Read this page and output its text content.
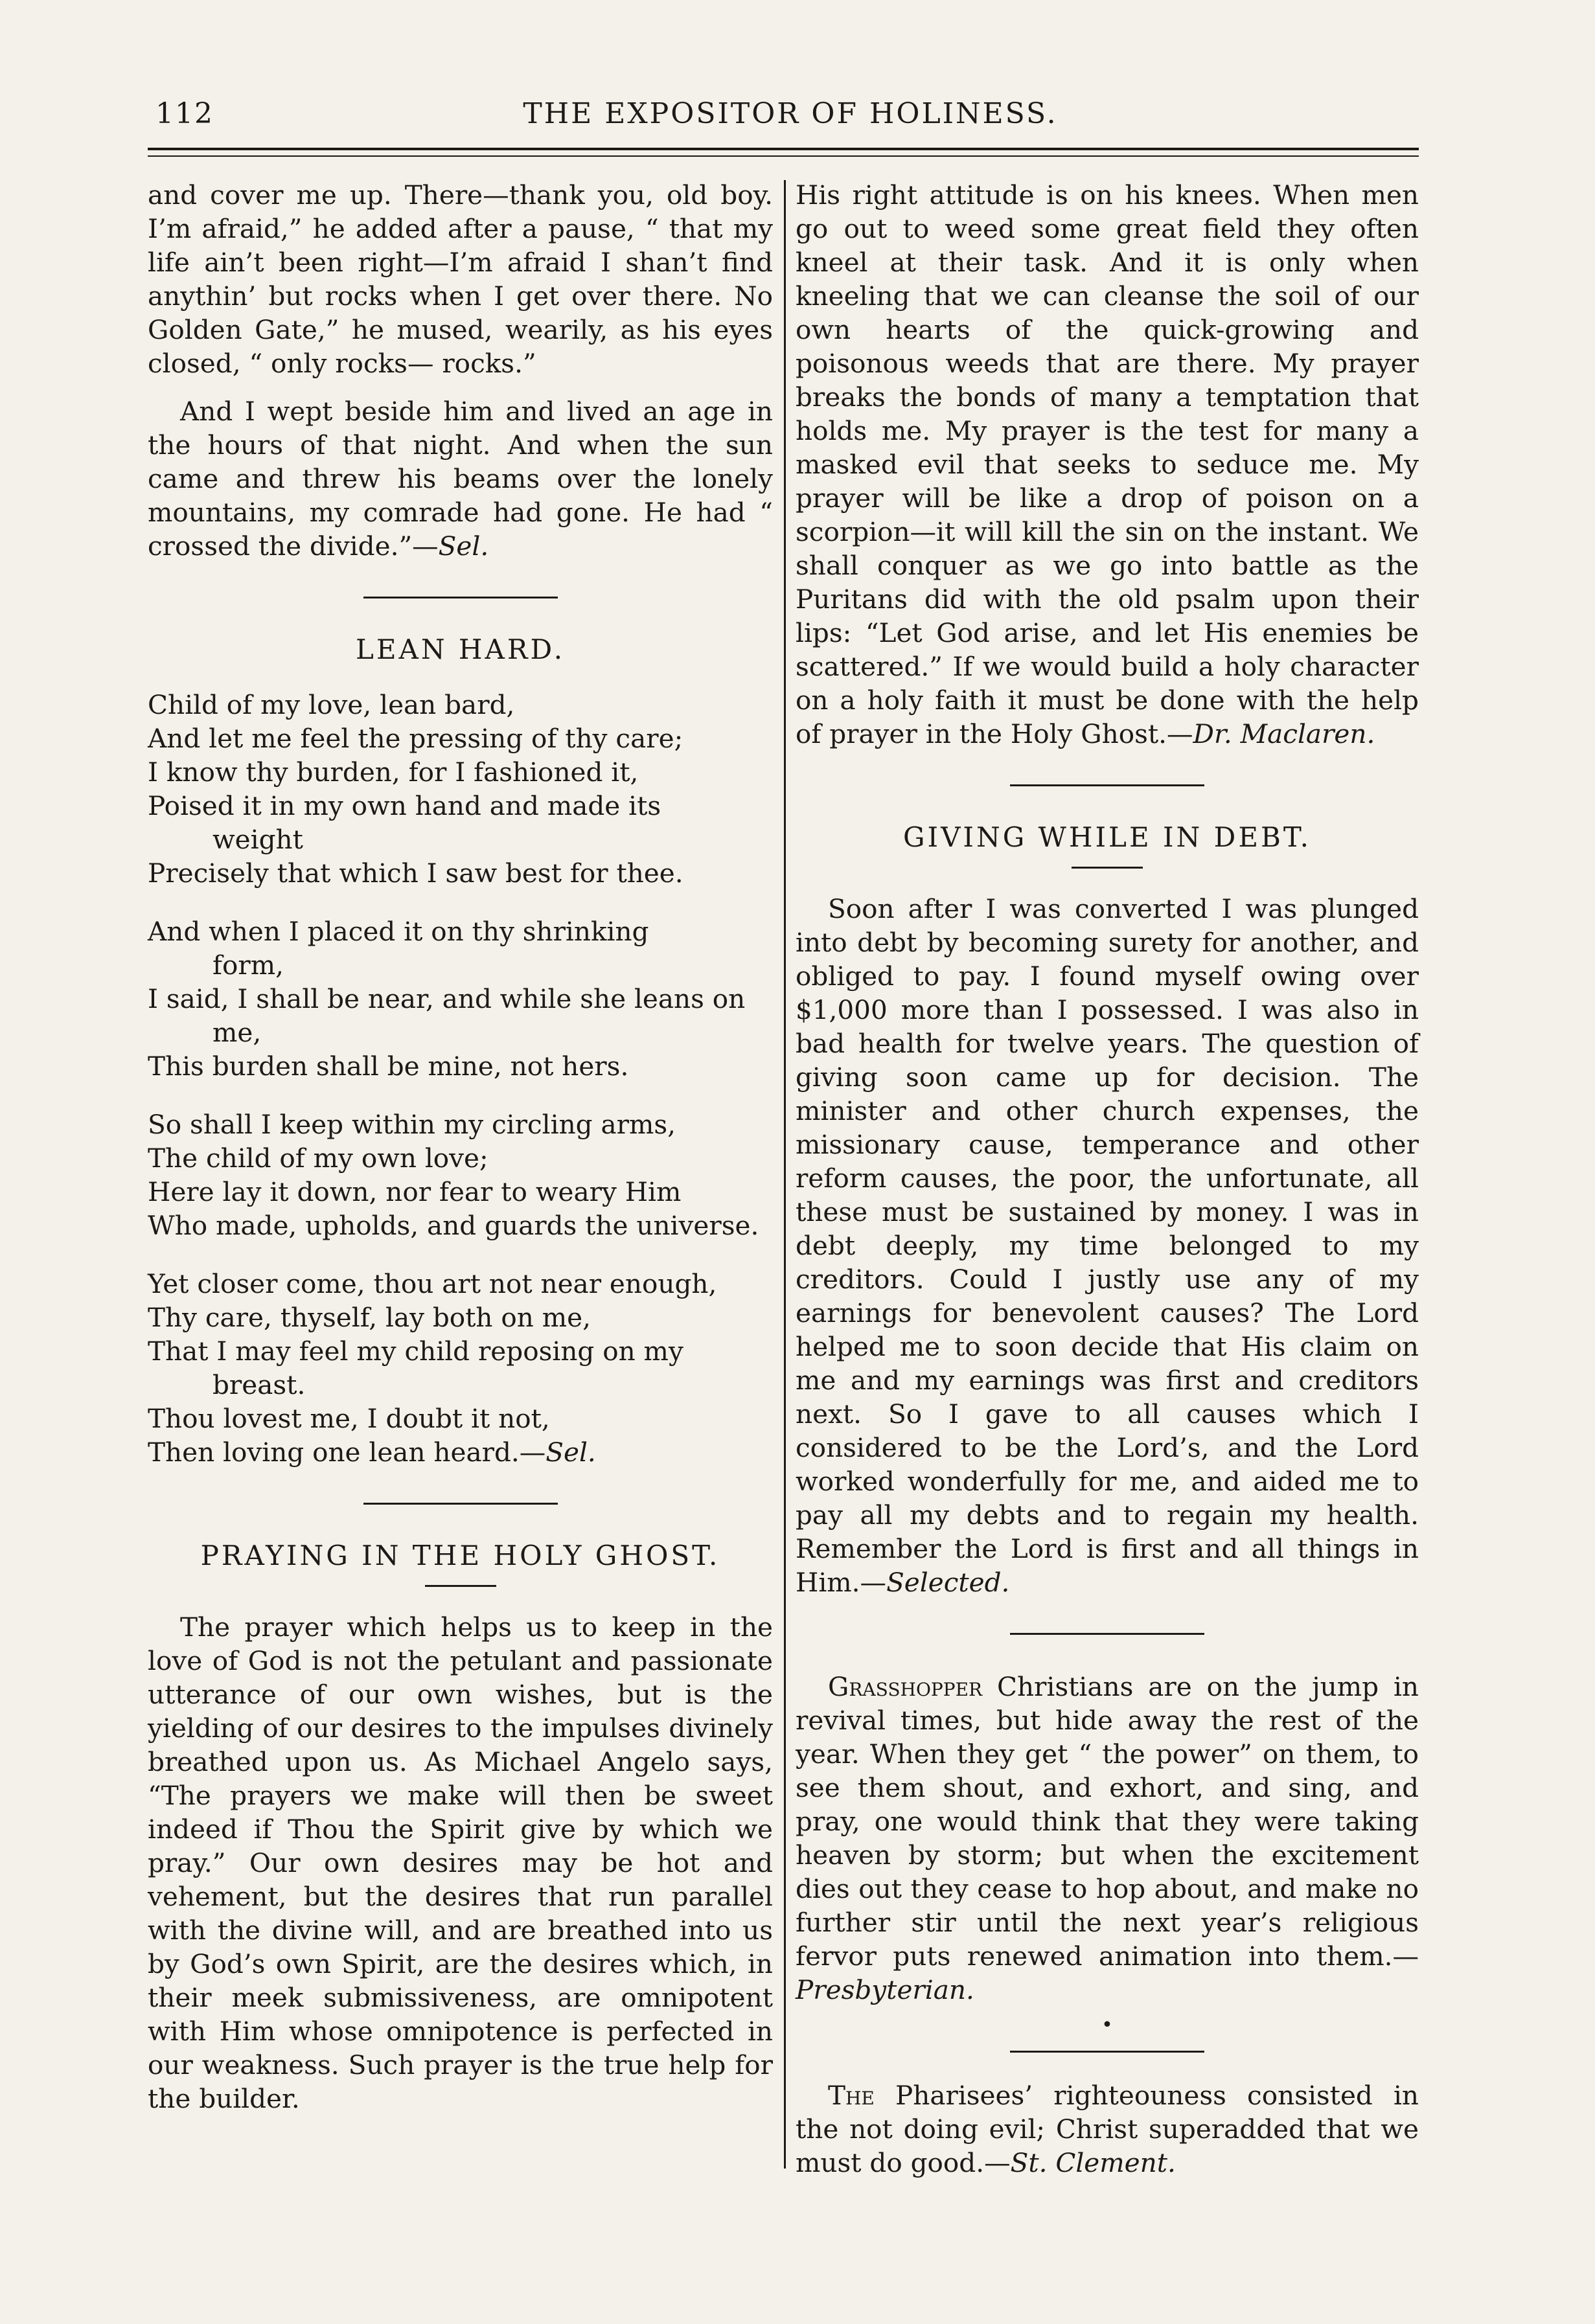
112	THE EXPOSITOR OF HOLINESS.

and cover me up. There—thank you, old boy. I’m afraid,” he added after a pause, “ that my life ain’t been right—I’m afraid I shan’t find anythin’ but rocks when I get over there. No Golden Gate,” he mused, wearily, as his eyes closed, “ only rocks— rocks.”

And I wept beside him and lived an age in the hours of that night. And when the sun came and threw his beams over the lonely mountains, my comrade had gone. He had “ crossed the divide.”—Sel.

LEAN HARD.
Child of my love, lean bard,
And let me feel the pressing of thy care;
I know thy burden, for I fashioned it,
Poised it in my own hand and made its
weight
Precisely that which I saw best for thee.
And when I placed it on thy shrinking
form,
I said, I shall be near, and while she leans on
me,
This burden shall be mine, not hers.
So shall I keep within my circling arms,
The child of my own love;
Here lay it down, nor fear to weary Him
Who made, upholds, and guards the universe.
Yet closer come, thou art not near enough,
Thy care, thyself, lay both on me,
That I may feel my child reposing on my
breast.
Thou lovest me, I doubt it not,
Then loving one lean heard.—Sel.
PRAYING IN THE HOLY GHOST.

The prayer which helps us to keep in the love of God is not the petulant and passionate utterance of our own wishes, but is the yielding of our desires to the impulses divinely breathed upon us. As Michael Angelo says, “The prayers we make will then be sweet indeed if Thou the Spirit give by which we pray.” Our own desires may be hot and vehement, but the desires that run parallel with the divine will, and are breathed into us by God’s own Spirit, are the desires which, in their meek submissiveness, are omnipotent with Him whose omnipotence is perfected in our weakness. Such prayer is the true help for the builder.

His right attitude is on his knees. When men go out to weed some great field they often kneel at their task. And it is only when kneeling that we can cleanse the soil of our own hearts of the quick-growing and poisonous weeds that are there. My prayer breaks the bonds of many a temptation that holds me. My prayer is the test for many a masked evil that seeks to seduce me. My prayer will be like a drop of poison on a scorpion—it will kill the sin on the instant. We shall conquer as we go into battle as the Puritans did with the old psalm upon their lips: “Let God arise, and let His enemies be scattered.” If we would build a holy character on a holy faith it must be done with the help of prayer in the Holy Ghost.—Dr. Maclaren.

GIVING WHILE IN DEBT.

Soon after I was converted I was plunged into debt by becoming surety for another, and obliged to pay. I found myself owing over $1,000 more than I possessed. I was also in bad health for twelve years. The question of giving soon came up for decision. The minister and other church expenses, the missionary cause, temperance and other reform causes, the poor, the unfortunate, all these must be sustained by money. I was in debt deeply, my time belonged to my creditors. Could I justly use any of my earnings for benevolent causes? The Lord helped me to soon decide that His claim on me and my earnings was first and creditors next. So I gave to all causes which I considered to be the Lord’s, and the Lord worked wonderfully for me, and aided me to pay all my debts and to regain my health. Remember the Lord is first and all things in Him.—Selected.

Grasshopper Christians are on the jump in revival times, but hide away the rest of the year. When they get “ the power” on them, to see them shout, and exhort, and sing, and pray, one would think that they were taking heaven by storm; but when the excitement dies out they cease to hop about, and make no further stir until the next year’s religious fervor puts renewed animation into them.—Presbyterian.

•

The Pharisees’ righteouness consisted in the not doing evil; Christ superadded that we must do good.—St. Clement.
